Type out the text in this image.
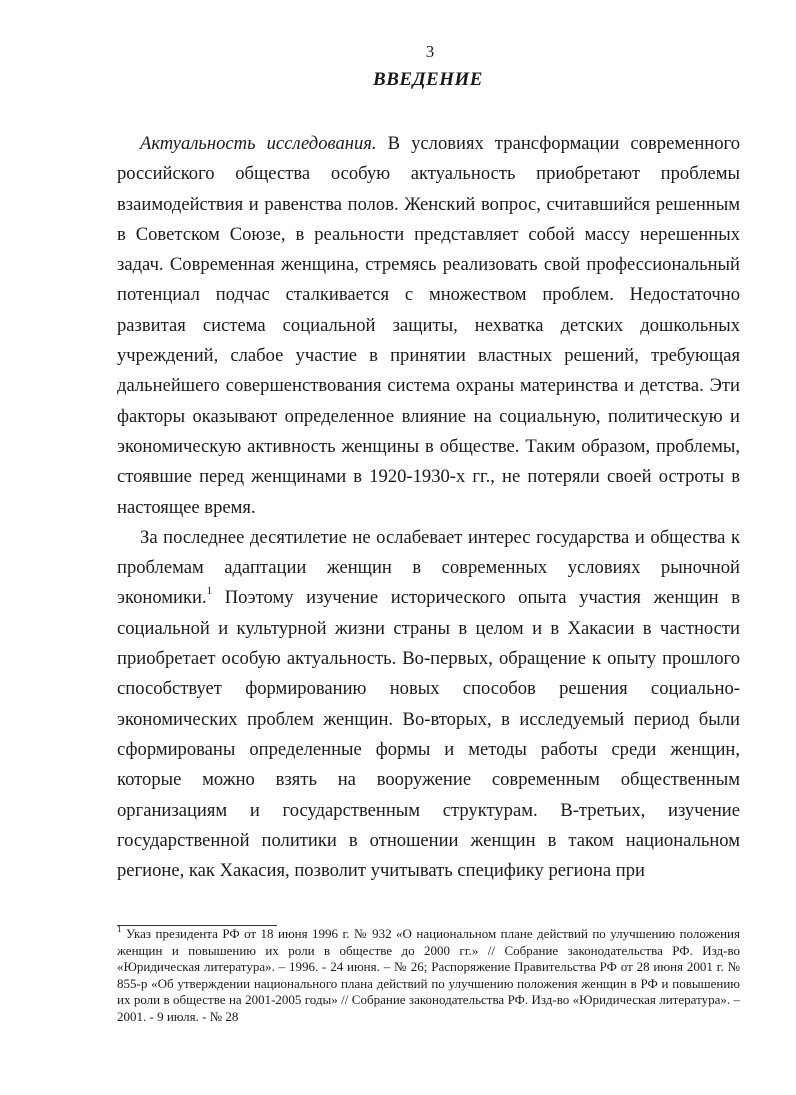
3
ВВЕДЕНИЕ

Актуальность исследования. В условиях трансформации современного российского общества особую актуальность приобретают проблемы взаимодействия и равенства полов. Женский вопрос, считавшийся решенным в Советском Союзе, в реальности представляет собой массу нерешенных задач. Современная женщина, стремясь реализовать свой профессиональный потенциал подчас сталкивается с множеством проблем. Недостаточно развитая система социальной защиты, нехватка детских дошкольных учреждений, слабое участие в принятии властных решений, требующая дальнейшего совершенствования система охраны материнства и детства. Эти факторы оказывают определенное влияние на социальную, политическую и экономическую активность женщины в обществе. Таким образом, проблемы, стоявшие перед женщинами в 1920-1930-х гг., не потеряли своей остроты в настоящее время.

За последнее десятилетие не ослабевает интерес государства и общества к проблемам адаптации женщин в современных условиях рыночной экономики.$^1$ Поэтому изучение исторического опыта участия женщин в социальной и культурной жизни страны в целом и в Хакасии в частности приобретает особую актуальность. Во-первых, обращение к опыту прошлого способствует формированию новых способов решения социально-экономических проблем женщин. Во-вторых, в исследуемый период были сформированы определенные формы и методы работы среди женщин, которые можно взять на вооружение современным общественным организациям и государственным структурам. В-третьих, изучение государственной политики в отношении женщин в таком национальном регионе, как Хакасия, позволит учитывать специфику региона при

$^1$ Указ президента РФ от 18 июня 1996 г. № 932 «О национальном плане действий по улучшению положения женщин и повышению их роли в обществе до 2000 гг.» // Собрание законодательства РФ. Изд-во «Юридическая литература». – 1996. - 24 июня. – № 26; Распоряжение Правительства РФ от 28 июня 2001 г. № 855-р «Об утверждении национального плана действий по улучшению положения женщин в РФ и повышению их роли в обществе на 2001-2005 годы» // Собрание законодательства РФ. Изд-во «Юридическая литература». – 2001. - 9 июля. - № 28
